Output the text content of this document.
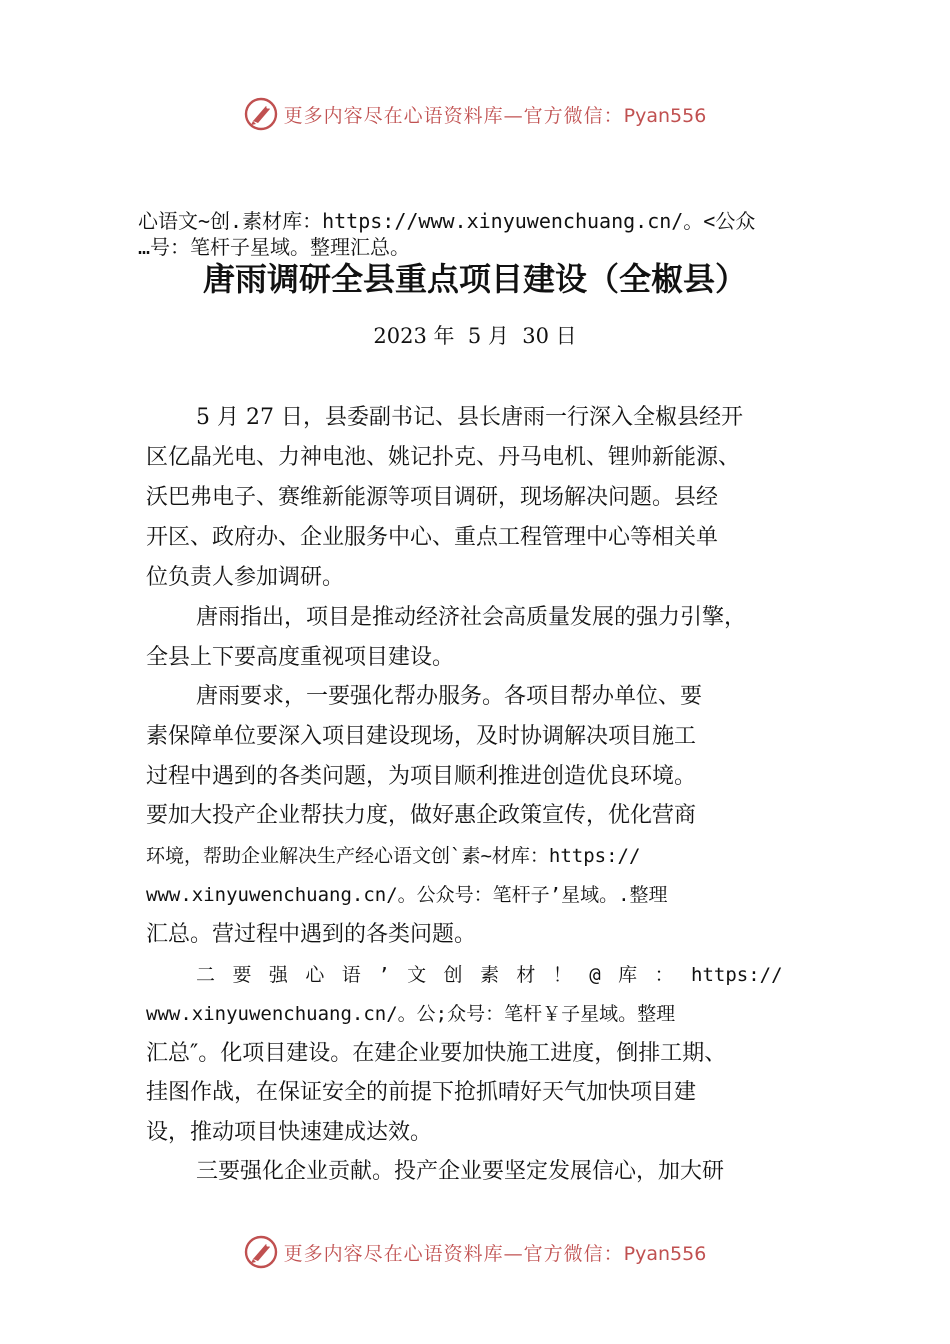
更多内容尽在心语资料库—官方微信：Pyan556
心语文~创.素材库：https://www.xinyuwenchuang.cn/。<公众
…号：笔杆子星域。整理汇总。
唐雨调研全县重点项目建设（全椒县）
2023 年  5 月  30 日
5 月 27 日，县委副书记、县长唐雨一行深入全椒县经开
区亿晶光电、力神电池、姚记扑克、丹马电机、锂帅新能源、
沃巴弗电子、赛维新能源等项目调研，现场解决问题。县经
开区、政府办、企业服务中心、重点工程管理中心等相关单
位负责人参加调研。
唐雨指出，项目是推动经济社会高质量发展的强力引擎，
全县上下要高度重视项目建设。
唐雨要求，一要强化帮办服务。各项目帮办单位、要
素保障单位要深入项目建设现场，及时协调解决项目施工
过程中遇到的各类问题，为项目顺利推进创造优良环境。
要加大投产企业帮扶力度，做好惠企政策宣传，优化营商
环境，帮助企业解决生产经心语文创`素~材库：https://
www.xinyuwenchuang.cn/。公众号：笔杆子’星域。.整理
汇总。营过程中遇到的各类问题。
二 要 强 心 语 ’ 文 创 素 材 ！ @ 库 ： https://
www.xinyuwenchuang.cn/。公;众号：笔杆￥子星域。整理
汇总″。化项目建设。在建企业要加快施工进度，倒排工期、
挂图作战，在保证安全的前提下抢抓晴好天气加快项目建
设，推动项目快速建成达效。
三要强化企业贡献。投产企业要坚定发展信心，加大研
更多内容尽在心语资料库—官方微信：Pyan556
